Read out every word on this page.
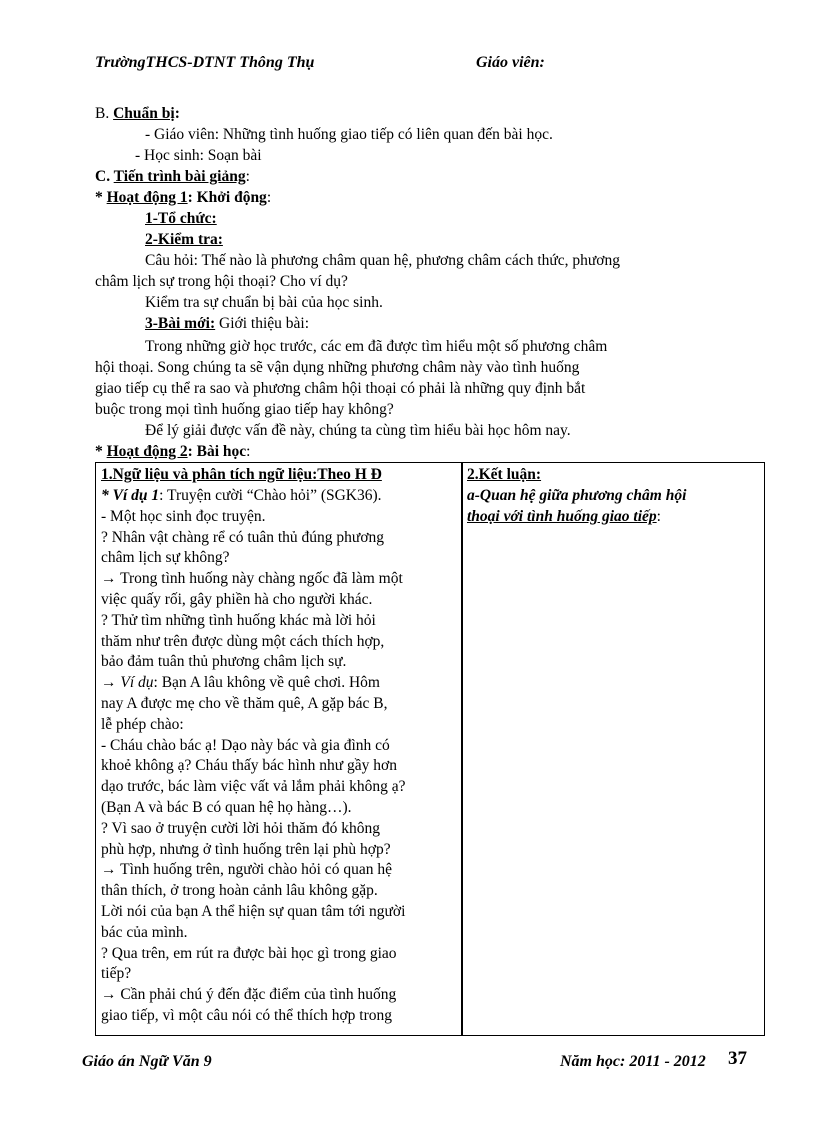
TrườngTHCS-DTNT Thông Thụ	Giáo viên:
B. Chuẩn bị:
- Giáo viên: Những tình huống giao tiếp có liên quan đến bài học.
- Học sinh: Soạn bài
C. Tiến trình bài giảng:
* Hoạt động 1: Khởi động:
1-Tổ chức:
2-Kiểm tra:
Câu hỏi: Thế nào là phương châm quan hệ, phương châm cách thức, phương
châm lịch sự trong hội thoại? Cho ví dụ?
Kiểm tra sự chuẩn bị bài của học sinh.
3-Bài mới: Giới thiệu bài:
Trong những giờ học trước, các em đã được tìm hiểu một số phương châm
hội thoại. Song chúng ta sẽ vận dụng những phương châm này vào tình huống
giao tiếp cụ thể ra sao và phương châm hội thoại có phải là những quy định bắt
buộc trong mọi tình huống giao tiếp hay không?
Để lý giải được vấn đề này, chúng ta cùng tìm hiểu bài học hôm nay.
* Hoạt động 2: Bài học:
1.Ngữ liệu và phân tích ngữ liệu:Theo H Đ
* Ví dụ 1: Truyện cười “Chào hỏi” (SGK36).
- Một học sinh đọc truyện.
? Nhân vật chàng rể có tuân thủ đúng phương
châm lịch sự không?
→ Trong tình huống này chàng ngốc đã làm một
việc quấy rối, gây phiền hà cho người khác.
? Thử tìm những tình huống khác mà lời hỏi
thăm như trên được dùng một cách thích hợp,
bảo đảm tuân thủ phương châm lịch sự.
→ Ví dụ: Bạn A lâu không về quê chơi. Hôm
nay A được mẹ cho về thăm quê, A gặp bác B,
lễ phép chào:
- Cháu chào bác ạ! Dạo này bác và gia đình có
khoẻ không ạ? Cháu thấy bác hình như gầy hơn
dạo trước, bác làm việc vất vả lắm phải không ạ?
(Bạn A và bác B có quan hệ họ hàng…).
? Vì sao ở truyện cười lời hỏi thăm đó không
phù hợp, nhưng ở tình huống trên lại phù hợp?
→ Tình huống trên, người chào hỏi có quan hệ
thân thích, ở trong hoàn cảnh lâu không gặp.
Lời nói của bạn A thể hiện sự quan tâm tới người
bác của mình.
? Qua trên, em rút ra được bài học gì trong giao
tiếp?
→ Cần phải chú ý đến đặc điểm của tình huống
giao tiếp, vì một câu nói có thể thích hợp trong
2.Kết luận:
a-Quan hệ giữa phương châm hội
thoại với tình huống giao tiếp:
Giáo án Ngữ Văn 9	Năm học: 2011 - 2012 37
